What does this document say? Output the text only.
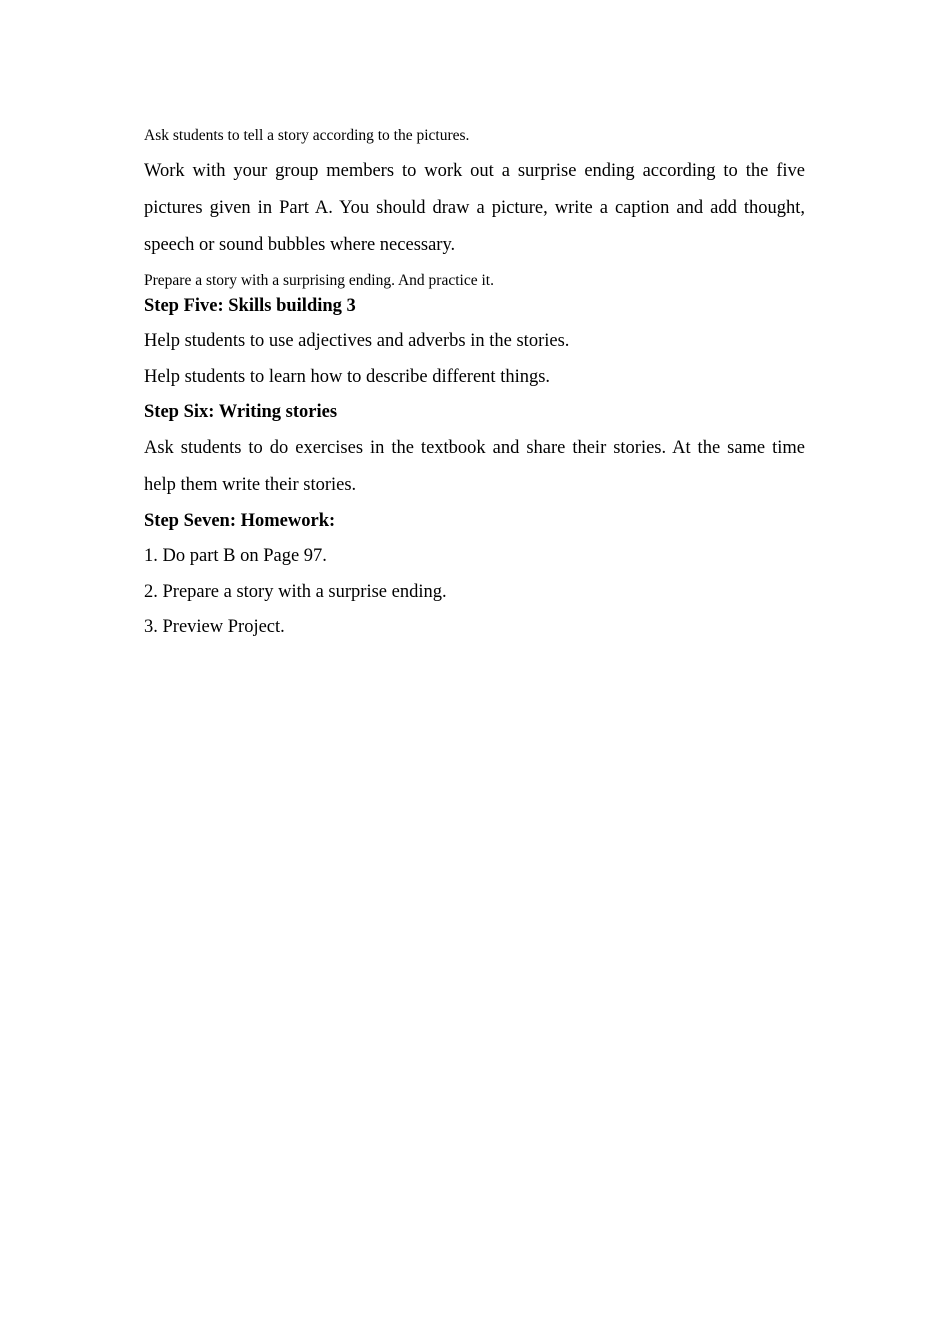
Ask students to tell a story according to the pictures.
Work with your group members to work out a surprise ending according to the five
pictures given in Part A. You should draw a picture, write a caption and add thought,
speech or sound bubbles where necessary.
Prepare a story with a surprising ending. And practice it.
Step Five: Skills building 3
Help students to use adjectives and adverbs in the stories.
Help students to learn how to describe different things.
Step Six: Writing stories
Ask students to do exercises in the textbook and share their stories. At the same time
help them write their stories.
Step Seven: Homework:
1. Do part B on Page 97.
2. Prepare a story with a surprise ending.
3. Preview Project.
